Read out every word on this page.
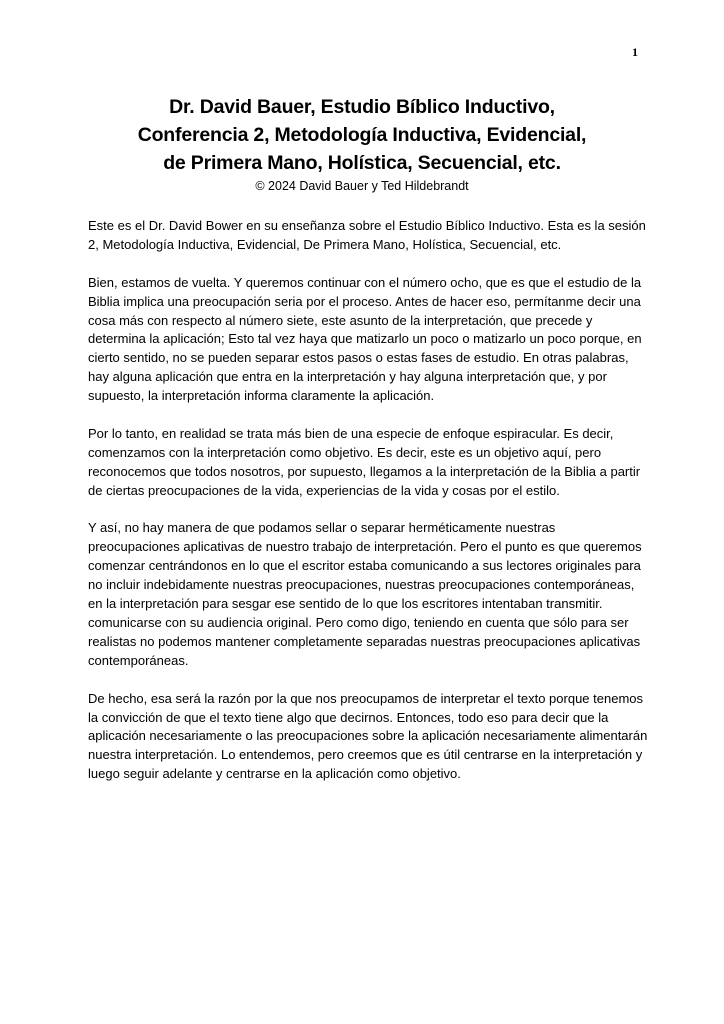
1
Dr. David Bauer, Estudio Bíblico Inductivo,
Conferencia 2, Metodología Inductiva, Evidencial,
de Primera Mano, Holística, Secuencial, etc.
© 2024 David Bauer y Ted Hildebrandt

Este es el Dr. David Bower en su enseñanza sobre el Estudio Bíblico Inductivo. Esta es la sesión 2, Metodología Inductiva, Evidencial, De Primera Mano, Holística, Secuencial, etc.

Bien, estamos de vuelta. Y queremos continuar con el número ocho, que es que el estudio de la Biblia implica una preocupación seria por el proceso. Antes de hacer eso, permítanme decir una cosa más con respecto al número siete, este asunto de la interpretación, que precede y determina la aplicación; Esto tal vez haya que matizarlo un poco o matizarlo un poco porque, en cierto sentido, no se pueden separar estos pasos o estas fases de estudio. En otras palabras, hay alguna aplicación que entra en la interpretación y hay alguna interpretación que, y por supuesto, la interpretación informa claramente la aplicación.

Por lo tanto, en realidad se trata más bien de una especie de enfoque espiracular. Es decir, comenzamos con la interpretación como objetivo. Es decir, este es un objetivo aquí, pero reconocemos que todos nosotros, por supuesto, llegamos a la interpretación de la Biblia a partir de ciertas preocupaciones de la vida, experiencias de la vida y cosas por el estilo.

Y así, no hay manera de que podamos sellar o separar herméticamente nuestras preocupaciones aplicativas de nuestro trabajo de interpretación. Pero el punto es que queremos comenzar centrándonos en lo que el escritor estaba comunicando a sus lectores originales para no incluir indebidamente nuestras preocupaciones, nuestras preocupaciones contemporáneas, en la interpretación para sesgar ese sentido de lo que los escritores intentaban transmitir. comunicarse con su audiencia original. Pero como digo, teniendo en cuenta que sólo para ser realistas no podemos mantener completamente separadas nuestras preocupaciones aplicativas contemporáneas.

De hecho, esa será la razón por la que nos preocupamos de interpretar el texto porque tenemos la convicción de que el texto tiene algo que decirnos. Entonces, todo eso para decir que la aplicación necesariamente o las preocupaciones sobre la aplicación necesariamente alimentarán nuestra interpretación. Lo entendemos, pero creemos que es útil centrarse en la interpretación y luego seguir adelante y centrarse en la aplicación como objetivo.
